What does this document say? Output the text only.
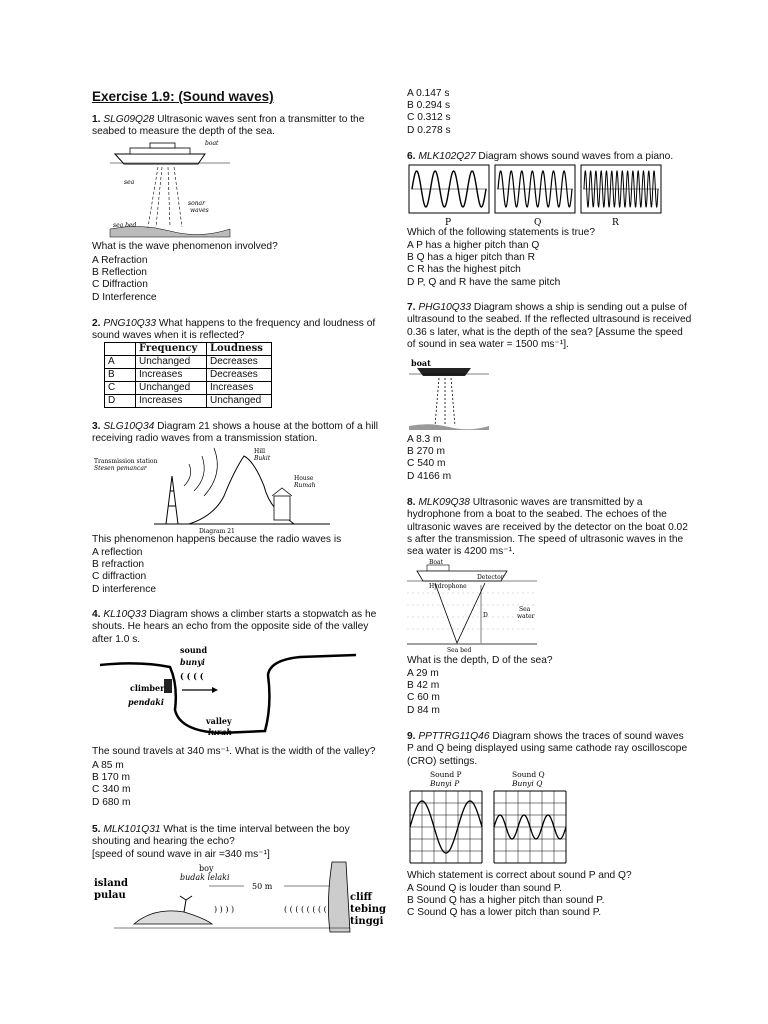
Exercise 1.9: (Sound waves)
1. SLG09Q28 Ultrasonic waves sent fron a transmitter to the
seabed to measure the depth of the sea.
boat
sea
sonar
waves
sea bed
What is the wave phenomenon involved?
A Refraction
B Reflection
C Diffraction
D Interference
2. PNG10Q33 What happens to the frequency and loudness of
sound waves when it is reflected?
	Frequency	Loudness
A	Unchanged	Decreases
B	Increases	Decreases
C	Unchanged	Increases
D	Increases	Unchanged
3. SLG10Q34 Diagram 21 shows a house at the bottom of a hill
receiving radio waves from a transmission station.
Transmission station
Stesen pemancar
Hill
Bukit
House
Rumah
Diagram 21
This phenomenon happens because the radio waves is
A reflection
B refraction
C diffraction
D interference
4. KL10Q33 Diagram shows a climber starts a stopwatch as he
shouts. He hears an echo from the opposite side of the valley
after 1.0 s.
sound
bunyi
( ( ( (
climber
pendaki
valley
lurah
The sound travels at 340 ms⁻¹. What is the width of the valley?
A 85 m
B 170 m
C 340 m
D 680 m
5. MLK101Q31 What is the time interval between the boy
shouting and hearing the echo?
[speed of sound wave in air =340 ms⁻¹]
island
pulau
boy
budak lelaki
50 m
) ) ) )	( ( ( ( ( ( ( (
cliff
tebing
tinggi
A 0.147 s
B 0.294 s
C 0.312 s
D 0.278 s
6. MLK102Q27 Diagram shows sound waves from a piano.
P	Q	R
Which of the following statements is true?
A P has a higher pitch than Q
B Q has a higer pitch than R
C R has the highest pitch
D P, Q and R have the same pitch
7. PHG10Q33 Diagram shows a ship is sending out a pulse of
ultrasound to the seabed. If the reflected ultrasound is received
0.36 s later, what is the depth of the sea? [Assume the speed
of sound in sea water = 1500 ms⁻¹].
boat
A 8.3 m
B 270 m
C 540 m
D 4166 m
8. MLK09Q38 Ultrasonic waves are transmitted by a
hydrophone from a boat to the seabed. The echoes of the
ultrasonic waves are received by the detector on the boat 0.02
s after the transmission. The speed of ultrasonic waves in the
sea water is 4200 ms⁻¹.
Boat
Detector
Hydrophone
D
Sea
water
Sea bed
What is the depth, D of the sea?
A 29 m
B 42 m
C 60 m
D 84 m
9. PPTTRG11Q46 Diagram shows the traces of sound waves
P and Q being displayed using same cathode ray oscilloscope
(CRO) settings.
Sound P
Bunyi P
Sound Q
Bunyi Q
Which statement is correct about sound P and Q?
A Sound Q is louder than sound P.
B Sound Q has a higher pitch than sound P.
C Sound Q has a lower pitch than sound P.
